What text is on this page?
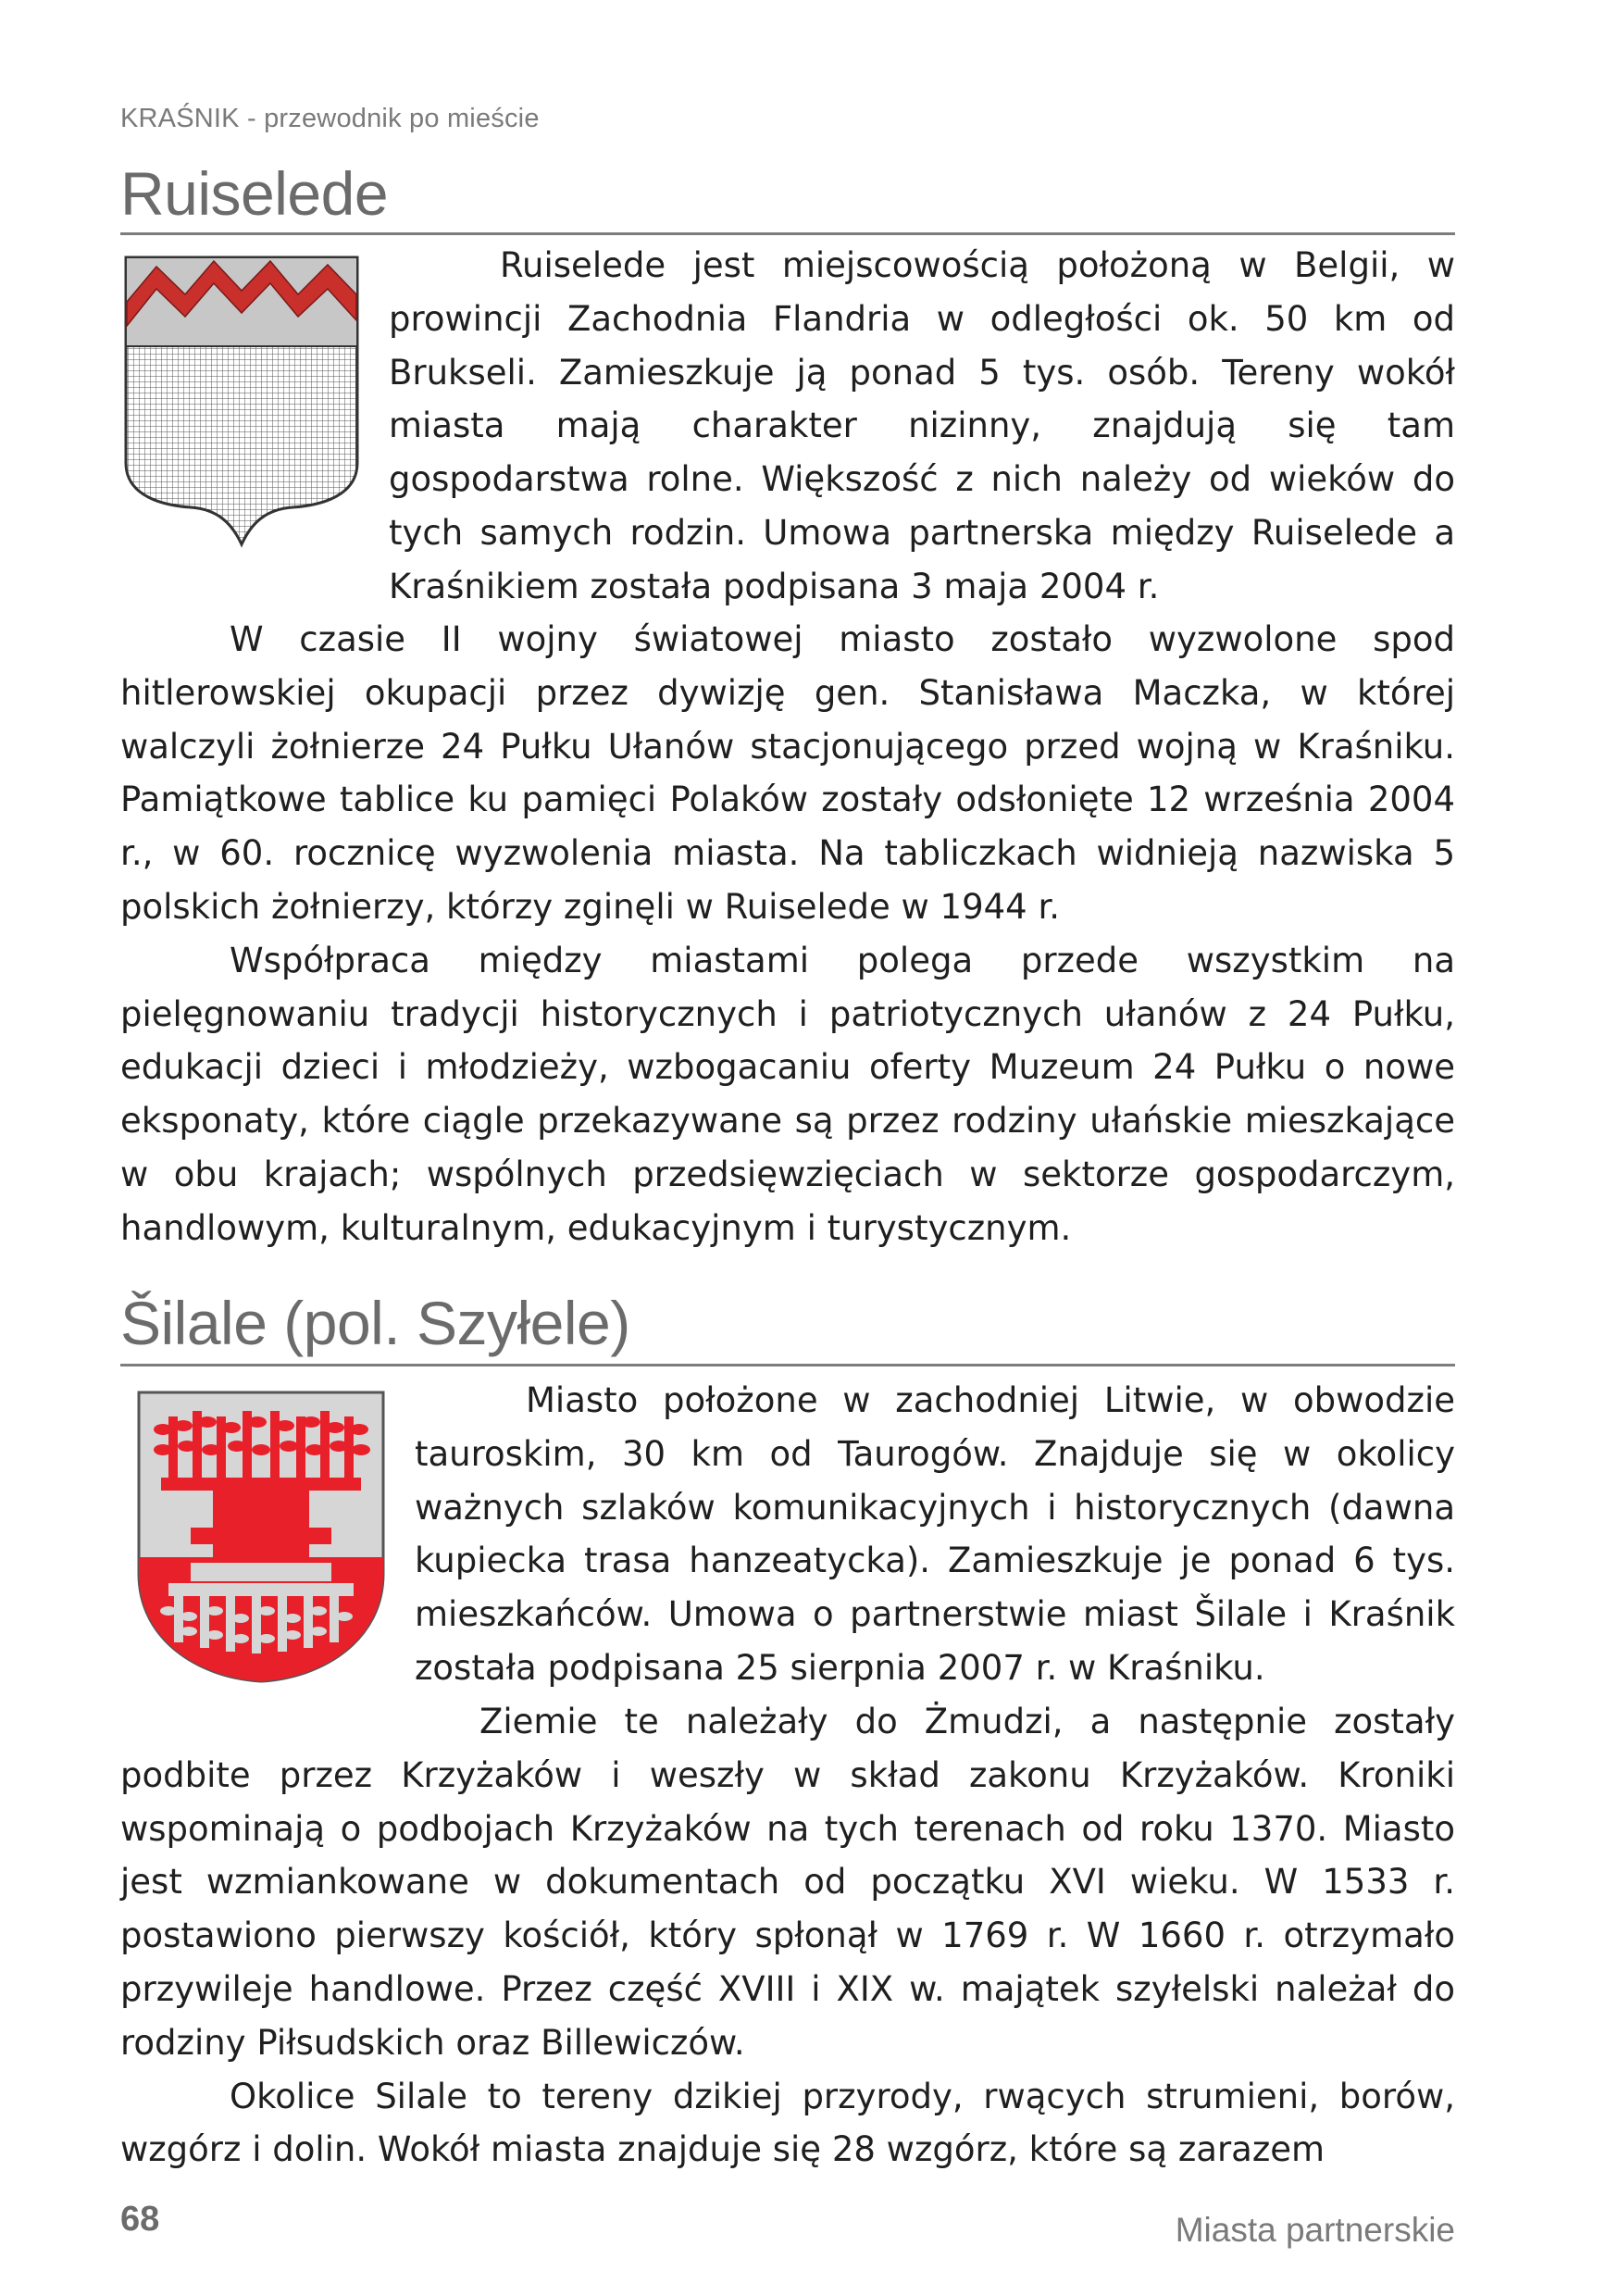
KRAŚNIK - przewodnik po mieście
Ruiselede

Ruiselede jest miejscowością położoną w Belgii, w prowincji Zachodnia Flandria w odległości ok. 50 km od Brukseli. Zamieszkuje ją ponad 5 tys. osób. Tereny wokół miasta mają charakter nizinny, znajdują się tam gospodarstwa rolne. Większość z nich należy od wieków do tych samych rodzin. Umowa partnerska między Ruiselede a Kraśnikiem została podpisana 3 maja 2004 r.

W czasie II wojny światowej miasto zostało wyzwolone spod hitlerowskiej okupacji przez dywizję gen. Stanisława Maczka, w której walczyli żołnierze 24 Pułku Ułanów stacjonującego przed wojną w Kraśniku. Pamiątkowe tablice ku pamięci Polaków zostały odsłonięte 12 września 2004 r., w 60. rocznicę wyzwolenia miasta. Na tabliczkach widnieją nazwiska 5 polskich żołnierzy, którzy zginęli w Ruiselede w 1944 r.

Współpraca między miastami polega przede wszystkim na pielęgnowaniu tradycji historycznych i patriotycznych ułanów z 24 Pułku, edukacji dzieci i młodzieży, wzbogacaniu oferty Muzeum 24 Pułku o nowe eksponaty, które ciągle przekazywane są przez rodziny ułańskie mieszkające w obu krajach; wspólnych przedsięwzięciach w sektorze gospodarczym, handlowym, kulturalnym, edukacyjnym i turystycznym.

Šilale (pol. Szyłele)

Miasto położone w zachodniej Litwie, w obwodzie tauroskim, 30 km od Taurogów. Znajduje się w okolicy ważnych szlaków komunikacyjnych i historycznych (dawna kupiecka trasa hanzeatycka). Zamieszkuje je ponad 6 tys. mieszkańców. Umowa o partnerstwie miast Šilale i Kraśnik została podpisana 25 sierpnia 2007 r. w Kraśniku.

Ziemie te należały do Żmudzi, a następnie zostały podbite przez Krzyżaków i weszły w skład zakonu Krzyżaków. Kroniki wspominają o podbojach Krzyżaków na tych terenach od roku 1370. Miasto jest wzmiankowane w dokumentach od początku XVI wieku. W 1533 r. postawiono pierwszy kościół, który spłonął w 1769 r. W 1660 r. otrzymało przywileje handlowe. Przez część XVIII i XIX w. majątek szyłelski należał do rodziny Piłsudskich oraz Billewiczów.

Okolice Silale to tereny dzikiej przyrody, rwących strumieni, borów, wzgórz i dolin. Wokół miasta znajduje się 28 wzgórz, które są zarazem

68	Miasta partnerskie
